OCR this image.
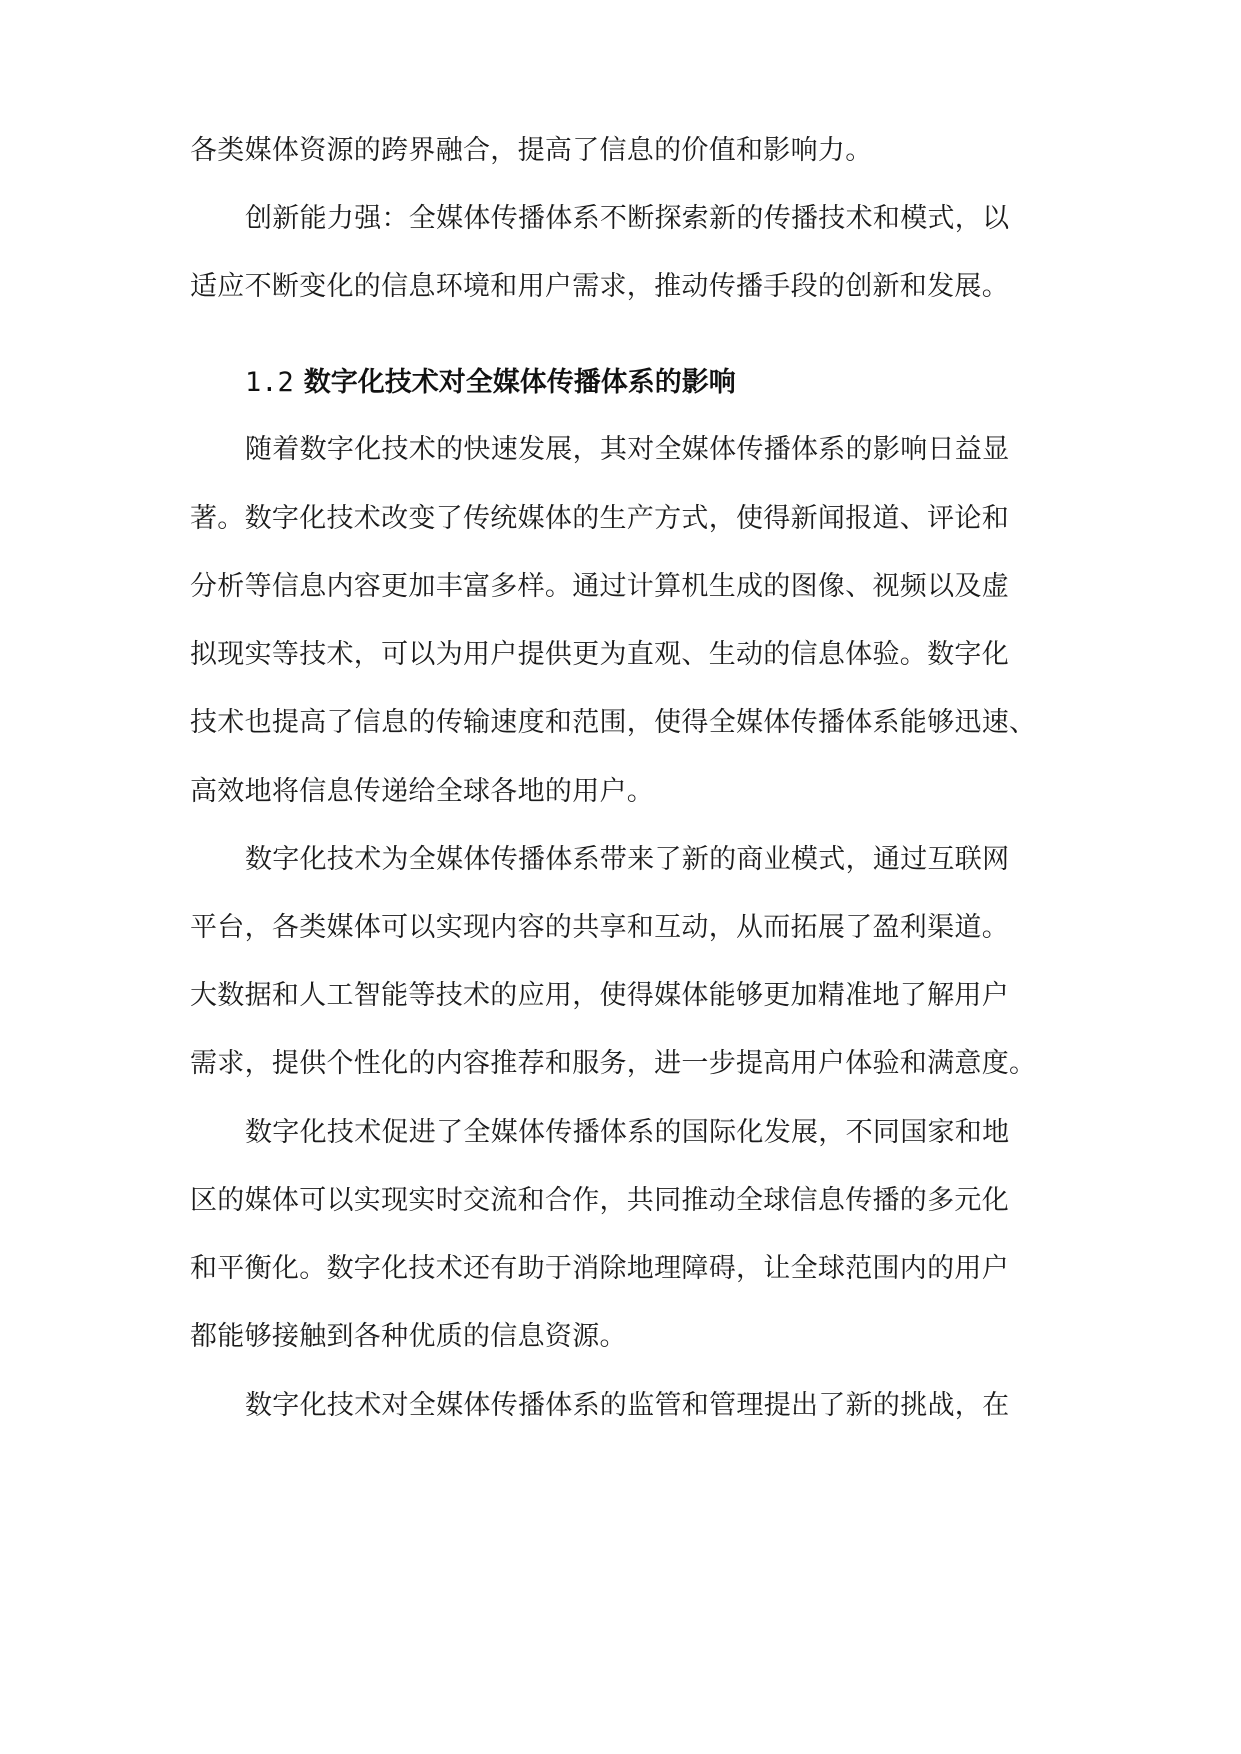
各类媒体资源的跨界融合，提高了信息的价值和影响力。
创新能力强：全媒体传播体系不断探索新的传播技术和模式，以
适应不断变化的信息环境和用户需求，推动传播手段的创新和发展。
1.2 数字化技术对全媒体传播体系的影响
随着数字化技术的快速发展，其对全媒体传播体系的影响日益显
著。数字化技术改变了传统媒体的生产方式，使得新闻报道、评论和
分析等信息内容更加丰富多样。通过计算机生成的图像、视频以及虚
拟现实等技术，可以为用户提供更为直观、生动的信息体验。数字化
技术也提高了信息的传输速度和范围，使得全媒体传播体系能够迅速、
高效地将信息传递给全球各地的用户。
数字化技术为全媒体传播体系带来了新的商业模式，通过互联网
平台，各类媒体可以实现内容的共享和互动，从而拓展了盈利渠道。
大数据和人工智能等技术的应用，使得媒体能够更加精准地了解用户
需求，提供个性化的内容推荐和服务，进一步提高用户体验和满意度。
数字化技术促进了全媒体传播体系的国际化发展，不同国家和地
区的媒体可以实现实时交流和合作，共同推动全球信息传播的多元化
和平衡化。数字化技术还有助于消除地理障碍，让全球范围内的用户
都能够接触到各种优质的信息资源。
数字化技术对全媒体传播体系的监管和管理提出了新的挑战，在
